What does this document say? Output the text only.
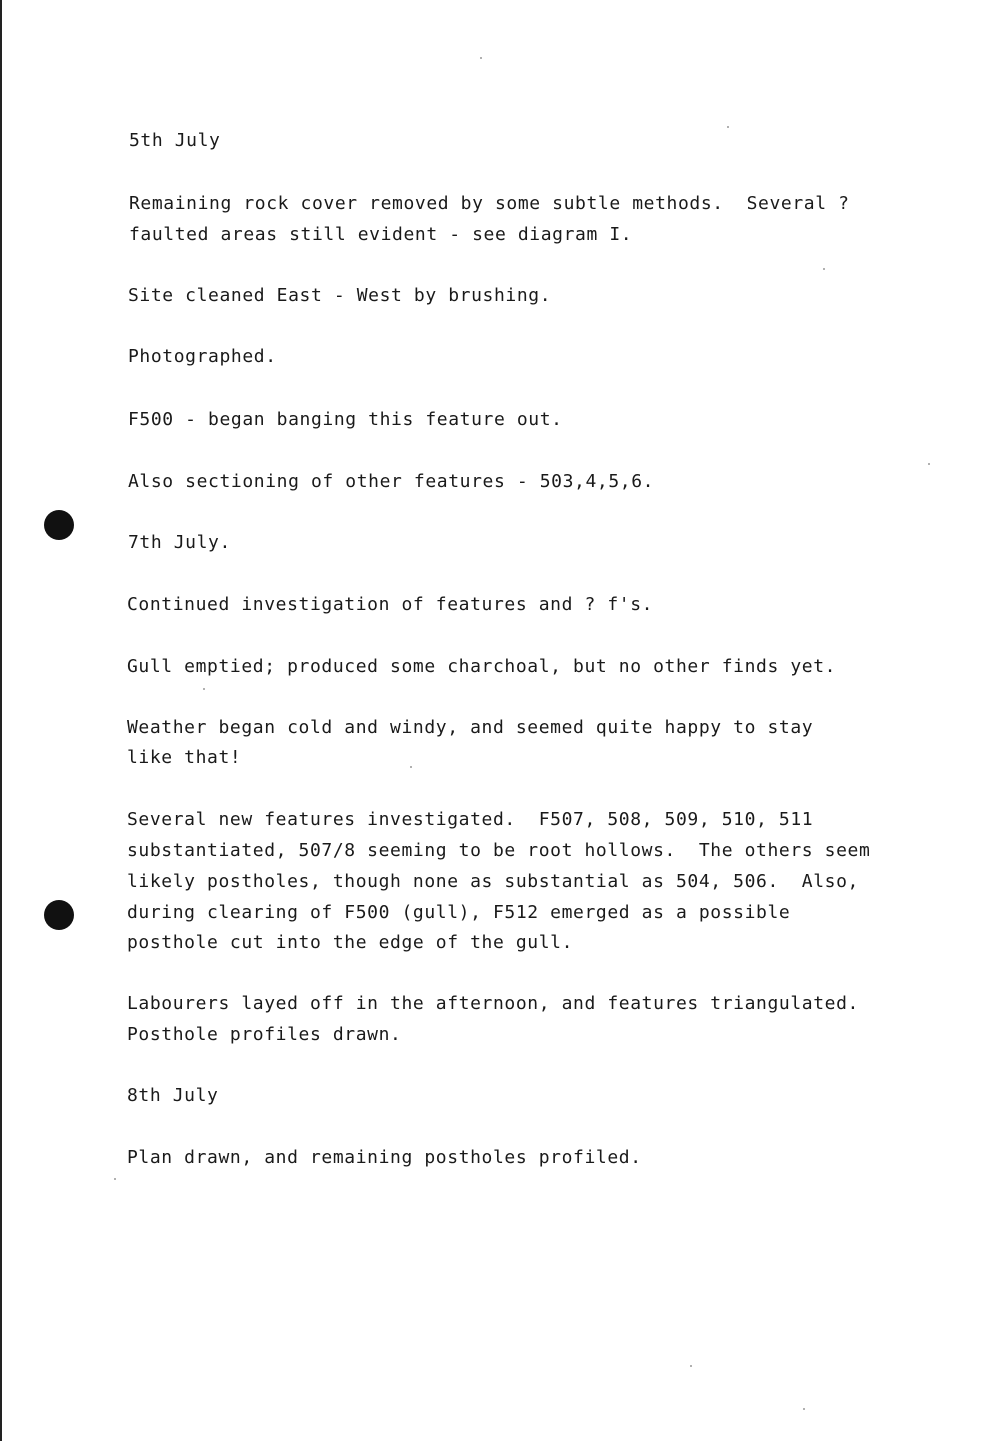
5th July
Remaining rock cover removed by some subtle methods.  Several ?
faulted areas still evident - see diagram I.
Site cleaned East - West by brushing.
Photographed.
F500 - began banging this feature out.
Also sectioning of other features - 503,4,5,6.
7th July.
Continued investigation of features and ? f's.
Gull emptied; produced some charchoal, but no other finds yet.
Weather began cold and windy, and seemed quite happy to stay
like that!
Several new features investigated.  F507, 508, 509, 510, 511
substantiated, 507/8 seeming to be root hollows.  The others seem
likely postholes, though none as substantial as 504, 506.  Also,
during clearing of F500 (gull), F512 emerged as a possible
posthole cut into the edge of the gull.
Labourers layed off in the afternoon, and features triangulated.
Posthole profiles drawn.
8th July
Plan drawn, and remaining postholes profiled.
